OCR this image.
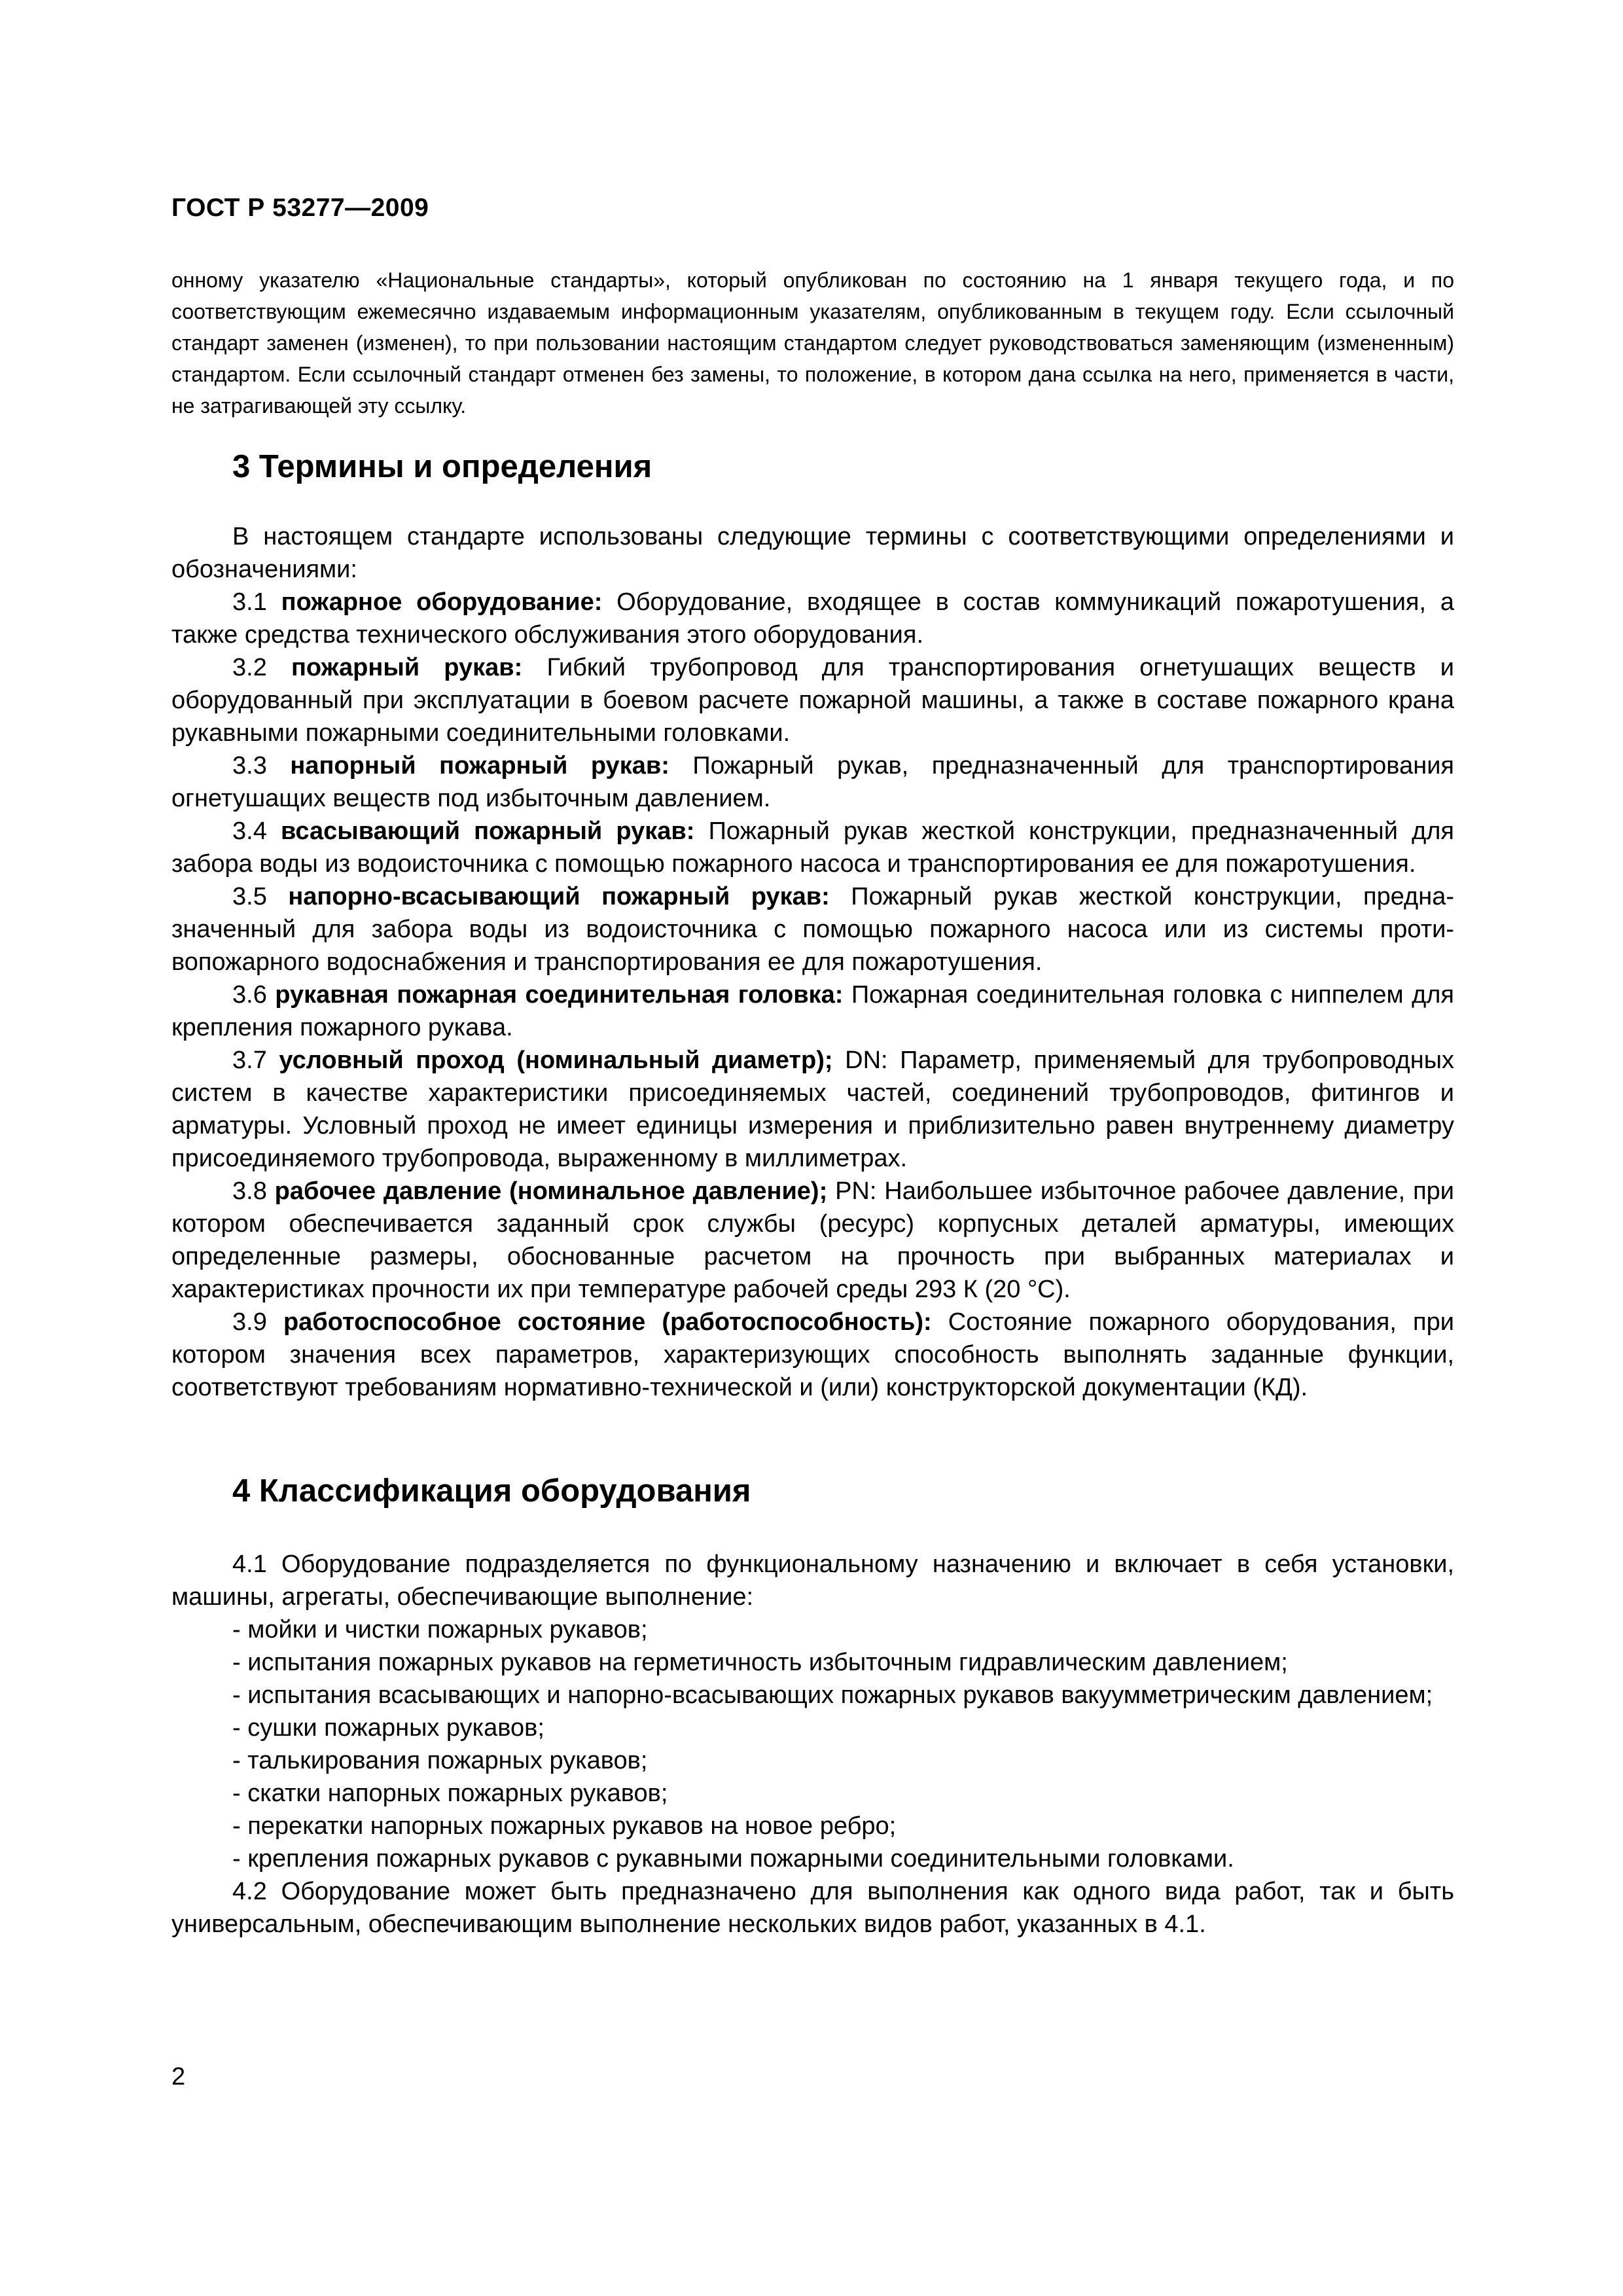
ГОСТ Р 53277—2009
онному указателю «Национальные стандарты», который опубликован по состоянию на 1 января текущего года, и по соответствующим ежемесячно издаваемым информационным указателям, опубликованным в текущем году. Если ссылочный стандарт заменен (изменен), то при пользовании настоящим стандартом следует руководствоваться заменяющим (измененным) стандартом. Если ссылочный стандарт отменен без замены, то положение, в котором дана ссылка на него, применяется в части, не затрагивающей эту ссылку.
3 Термины и определения

В настоящем стандарте использованы следующие термины с соответствующими определениями и обозначениями:

3.1 пожарное оборудование: Оборудование, входящее в состав коммуникаций пожаротушения, а также средства технического обслуживания этого оборудования.

3.2 пожарный рукав: Гибкий трубопровод для транспортирования огнетушащих веществ и оборудованный при эксплуатации в боевом расчете пожарной машины, а также в составе пожарного крана рукавными пожарными соединительными головками.

3.3 напорный пожарный рукав: Пожарный рукав, предназначенный для транспортирования огнетушащих веществ под избыточным давлением.

3.4 всасывающий пожарный рукав: Пожарный рукав жесткой конструкции, предназначенный для забора воды из водоисточника с помощью пожарного насоса и транспортирования ее для пожаротушения.

3.5 напорно-всасывающий пожарный рукав: Пожарный рукав жесткой конструкции, предназначенный для забора воды из водоисточника с помощью пожарного насоса или из системы противопожарного водоснабжения и транспортирования ее для пожаротушения.

3.6 рукавная пожарная соединительная головка: Пожарная соединительная головка с ниппелем для крепления пожарного рукава.

3.7 условный проход (номинальный диаметр); DN: Параметр, применяемый для трубопроводных систем в качестве характеристики присоединяемых частей, соединений трубопроводов, фитингов и арматуры. Условный проход не имеет единицы измерения и приблизительно равен внутреннему диаметру присоединяемого трубопровода, выраженному в миллиметрах.

3.8 рабочее давление (номинальное давление); PN: Наибольшее избыточное рабочее давление, при котором обеспечивается заданный срок службы (ресурс) корпусных деталей арматуры, имеющих определенные размеры, обоснованные расчетом на прочность при выбранных материалах и характеристиках прочности их при температуре рабочей среды 293 К (20 °С).

3.9 работоспособное состояние (работоспособность): Состояние пожарного оборудования, при котором значения всех параметров, характеризующих способность выполнять заданные функции, соответствуют требованиям нормативно-технической и (или) конструкторской документации (КД).

4 Классификация оборудования

4.1 Оборудование подразделяется по функциональному назначению и включает в себя установки, машины, агрегаты, обеспечивающие выполнение:

- мойки и чистки пожарных рукавов;

- испытания пожарных рукавов на герметичность избыточным гидравлическим давлением;

- испытания всасывающих и напорно-всасывающих пожарных рукавов вакуумметрическим давлением;

- сушки пожарных рукавов;

- талькирования пожарных рукавов;

- скатки напорных пожарных рукавов;

- перекатки напорных пожарных рукавов на новое ребро;

- крепления пожарных рукавов с рукавными пожарными соединительными головками.

4.2 Оборудование может быть предназначено для выполнения как одного вида работ, так и быть универсальным, обеспечивающим выполнение нескольких видов работ, указанных в 4.1.

2
